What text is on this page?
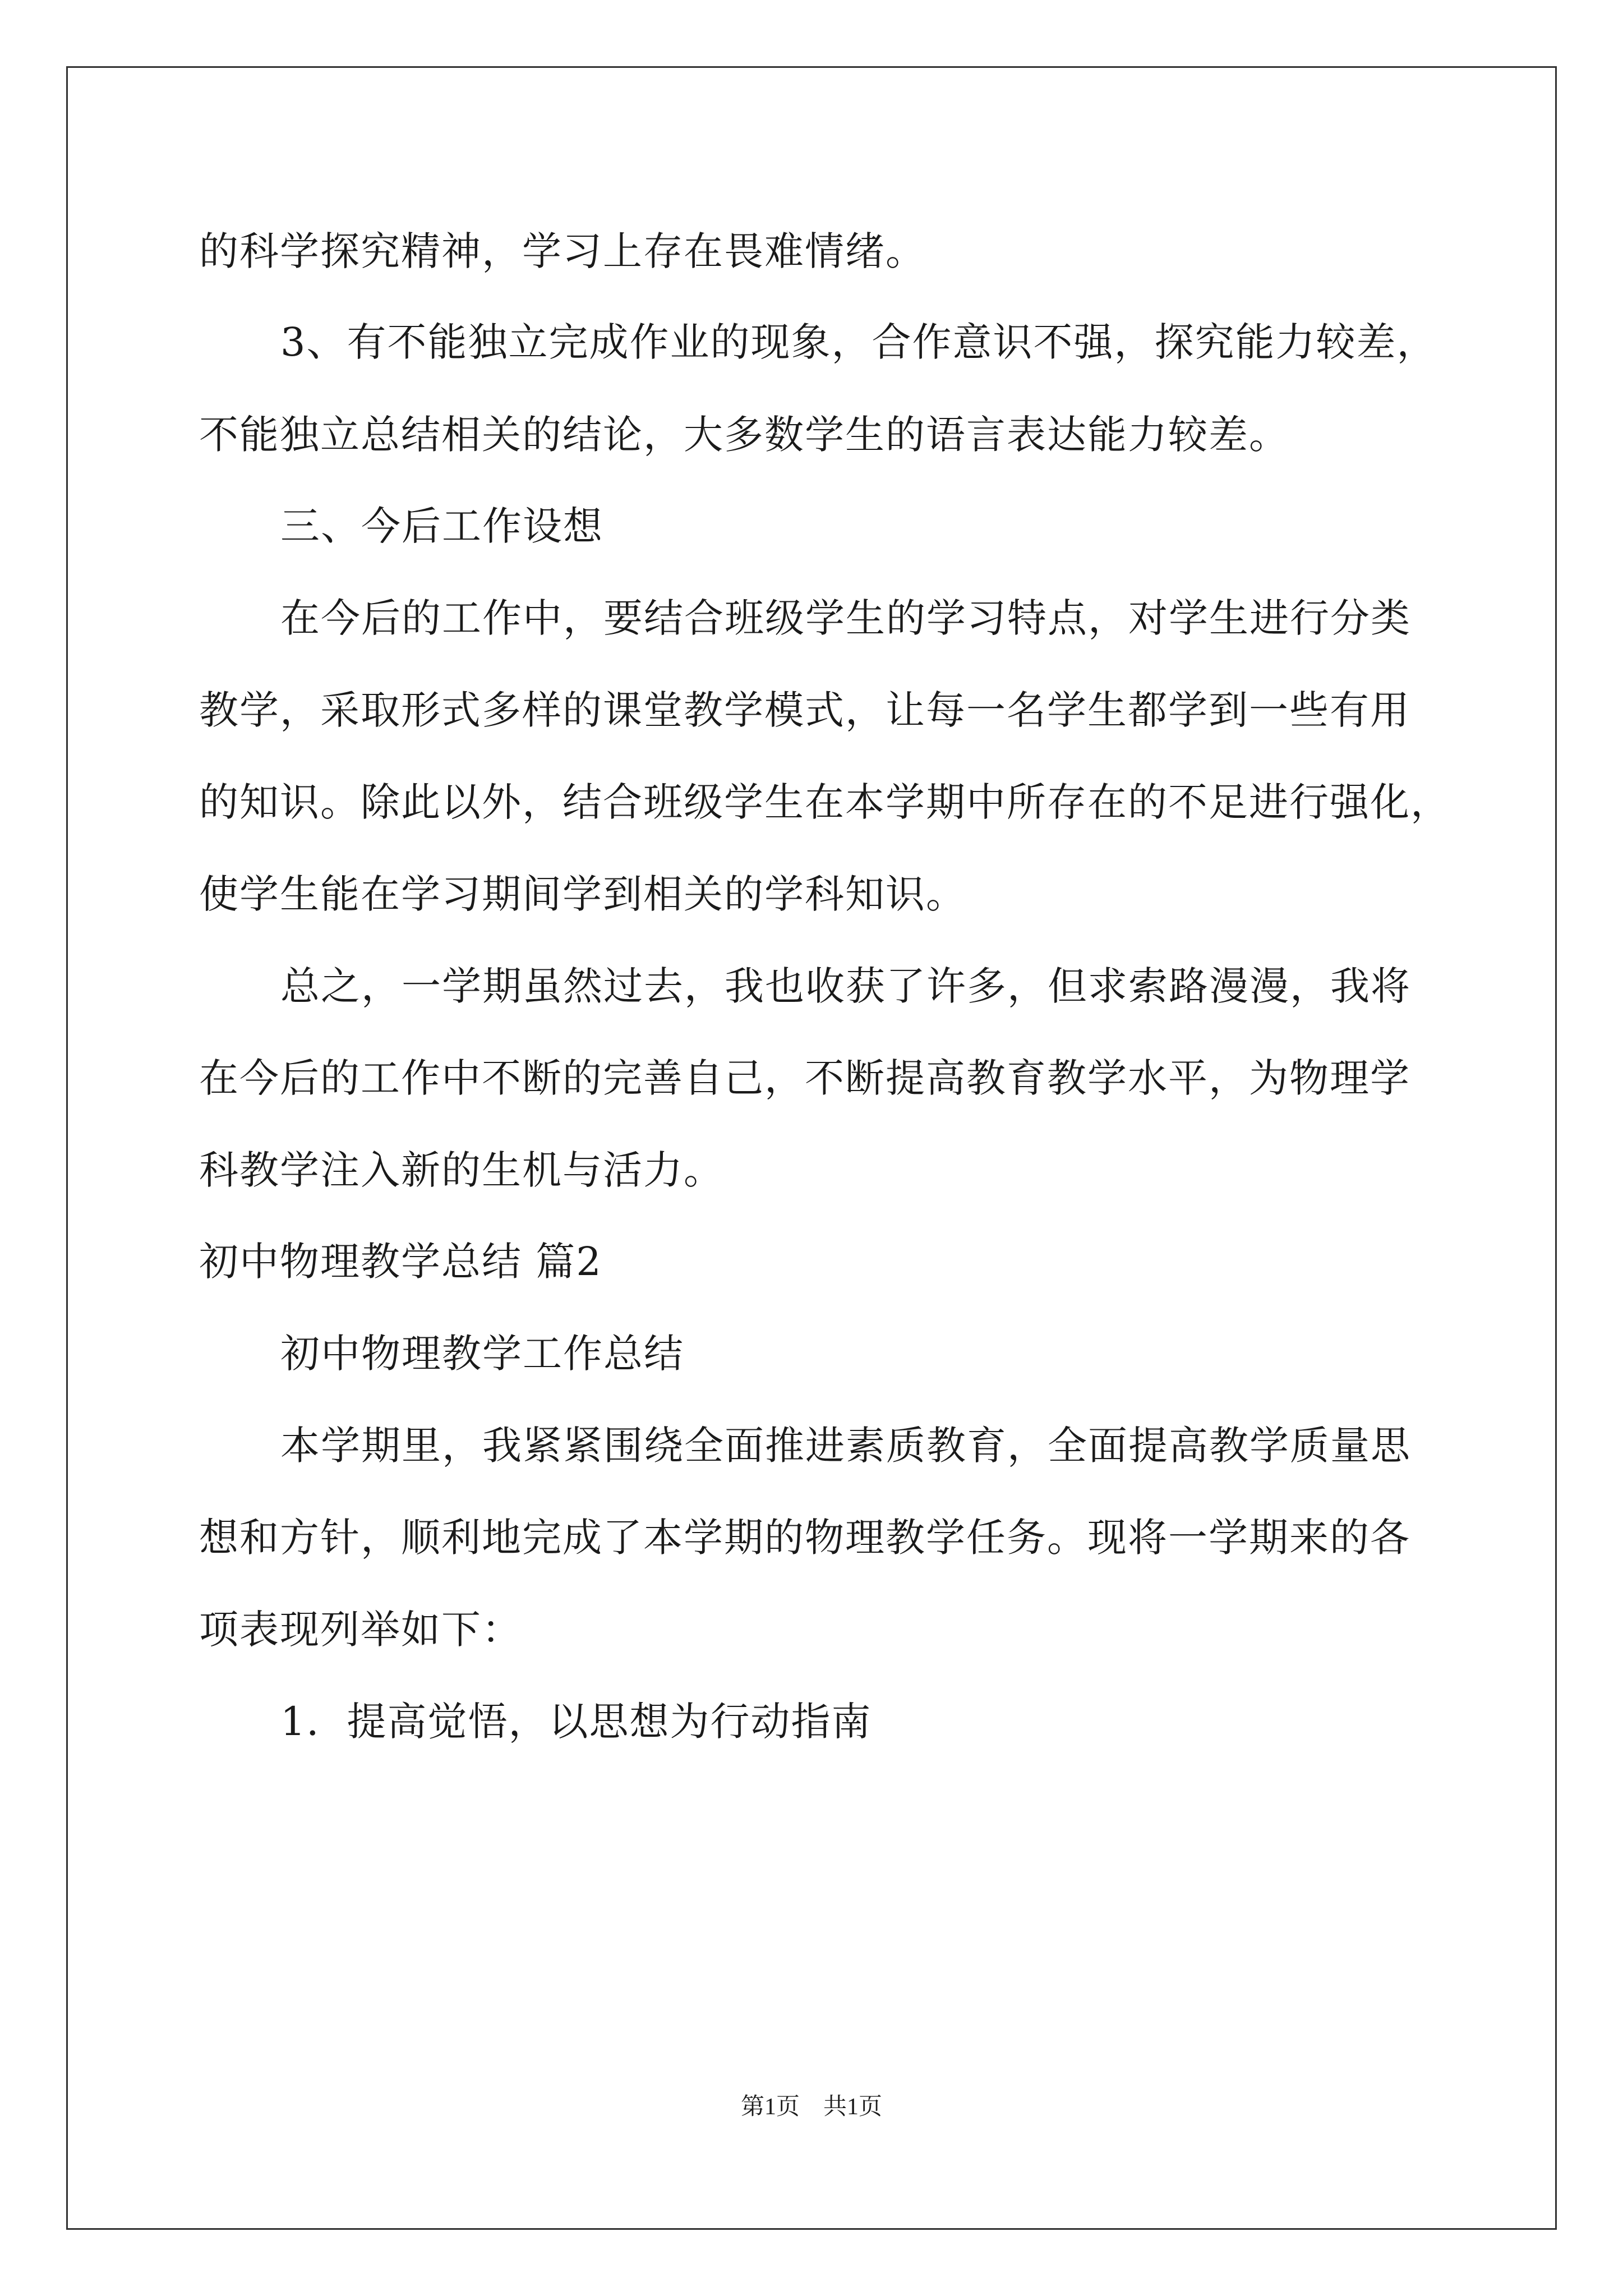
的科学探究精神，学习上存在畏难情绪。
3、有不能独立完成作业的现象，合作意识不强，探究能力较差，
不能独立总结相关的结论，大多数学生的语言表达能力较差。
三、今后工作设想
在今后的工作中，要结合班级学生的学习特点，对学生进行分类
教学，采取形式多样的课堂教学模式，让每一名学生都学到一些有用
的知识。除此以外，结合班级学生在本学期中所存在的不足进行强化，
使学生能在学习期间学到相关的学科知识。
总之，一学期虽然过去，我也收获了许多，但求索路漫漫，我将
在今后的工作中不断的完善自己，不断提高教育教学水平，为物理学
科教学注入新的生机与活力。
初中物理教学总结 篇2
初中物理教学工作总结
本学期里，我紧紧围绕全面推进素质教育，全面提高教学质量思
想和方针，顺利地完成了本学期的物理教学任务。现将一学期来的各
项表现列举如下：
1．提高觉悟，以思想为行动指南
第1页　共1页
